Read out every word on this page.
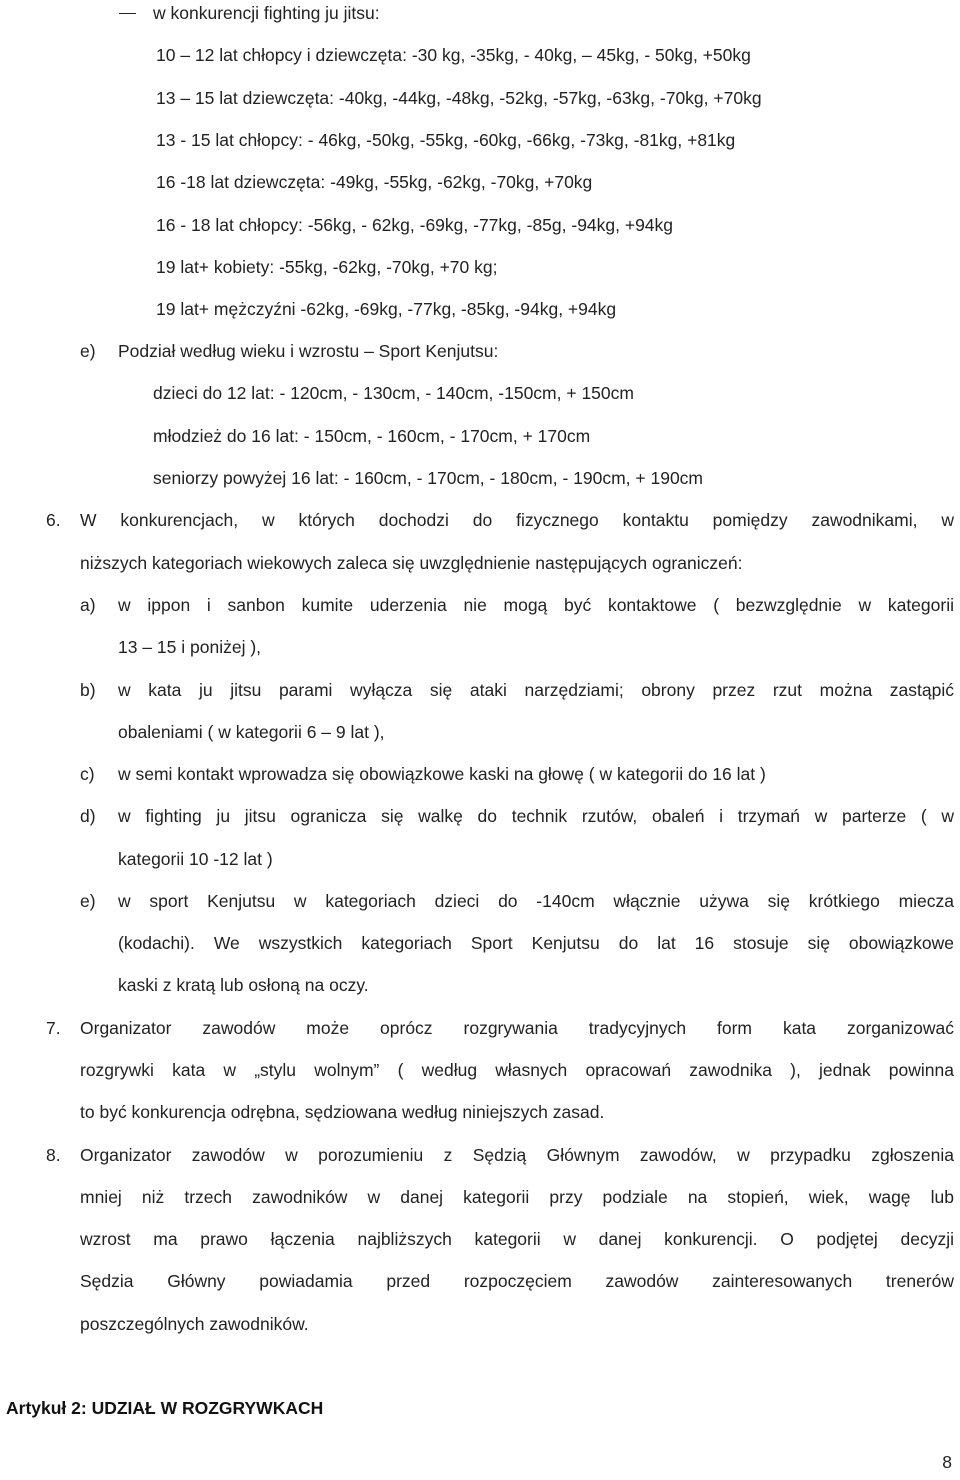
w konkurencji fighting ju jitsu:
10 – 12 lat chłopcy i dziewczęta: -30 kg, -35kg, - 40kg, – 45kg, - 50kg, +50kg
13 – 15 lat dziewczęta: -40kg, -44kg, -48kg, -52kg, -57kg, -63kg, -70kg, +70kg
13 - 15 lat chłopcy: - 46kg, -50kg, -55kg, -60kg, -66kg, -73kg, -81kg, +81kg
16 -18 lat dziewczęta: -49kg, -55kg, -62kg, -70kg, +70kg
16 - 18 lat chłopcy: -56kg, - 62kg, -69kg, -77kg, -85g, -94kg, +94kg
19 lat+ kobiety: -55kg, -62kg, -70kg, +70 kg;
19 lat+ mężczyźni -62kg, -69kg, -77kg, -85kg, -94kg, +94kg
e) Podział według wieku i wzrostu – Sport Kenjutsu:
dzieci do 12 lat: - 120cm, - 130cm, - 140cm, -150cm, + 150cm
młodzież do 16 lat: - 150cm, - 160cm, - 170cm, + 170cm
seniorzy powyżej 16 lat: - 160cm, - 170cm, - 180cm, - 190cm, + 190cm
6. W konkurencjach, w których dochodzi do fizycznego kontaktu pomiędzy zawodnikami, w
niższych kategoriach wiekowych zaleca się uwzględnienie następujących ograniczeń:
a) w ippon i sanbon kumite uderzenia nie mogą być kontaktowe ( bezwzględnie w kategorii
13 – 15 i poniżej ),
b) w kata ju jitsu parami wyłącza się ataki narzędziami; obrony przez rzut można zastąpić
obaleniami ( w kategorii 6 – 9 lat ),
c) w semi kontakt wprowadza się obowiązkowe kaski na głowę ( w kategorii do 16 lat )
d) w fighting ju jitsu ogranicza się walkę do technik rzutów, obaleń i trzymań w parterze ( w
kategorii 10 -12 lat )
e) w sport Kenjutsu w kategoriach dzieci do -140cm włącznie używa się krótkiego miecza
(kodachi). We wszystkich kategoriach Sport Kenjutsu do lat 16 stosuje się obowiązkowe
kaski z kratą lub osłoną na oczy.
7. Organizator zawodów może oprócz rozgrywania tradycyjnych form kata zorganizować
rozgrywki kata w „stylu wolnym” ( według własnych opracowań zawodnika ), jednak powinna
to być konkurencja odrębna, sędziowana według niniejszych zasad.
8. Organizator zawodów w porozumieniu z Sędzią Głównym zawodów, w przypadku zgłoszenia
mniej niż trzech zawodników w danej kategorii przy podziale na stopień, wiek, wagę lub
wzrost ma prawo łączenia najbliższych kategorii w danej konkurencji. O podjętej decyzji
Sędzia Główny powiadamia przed rozpoczęciem zawodów zainteresowanych trenerów
poszczególnych zawodników.
Artykuł 2: UDZIAŁ W ROZGRYWKACH
8
